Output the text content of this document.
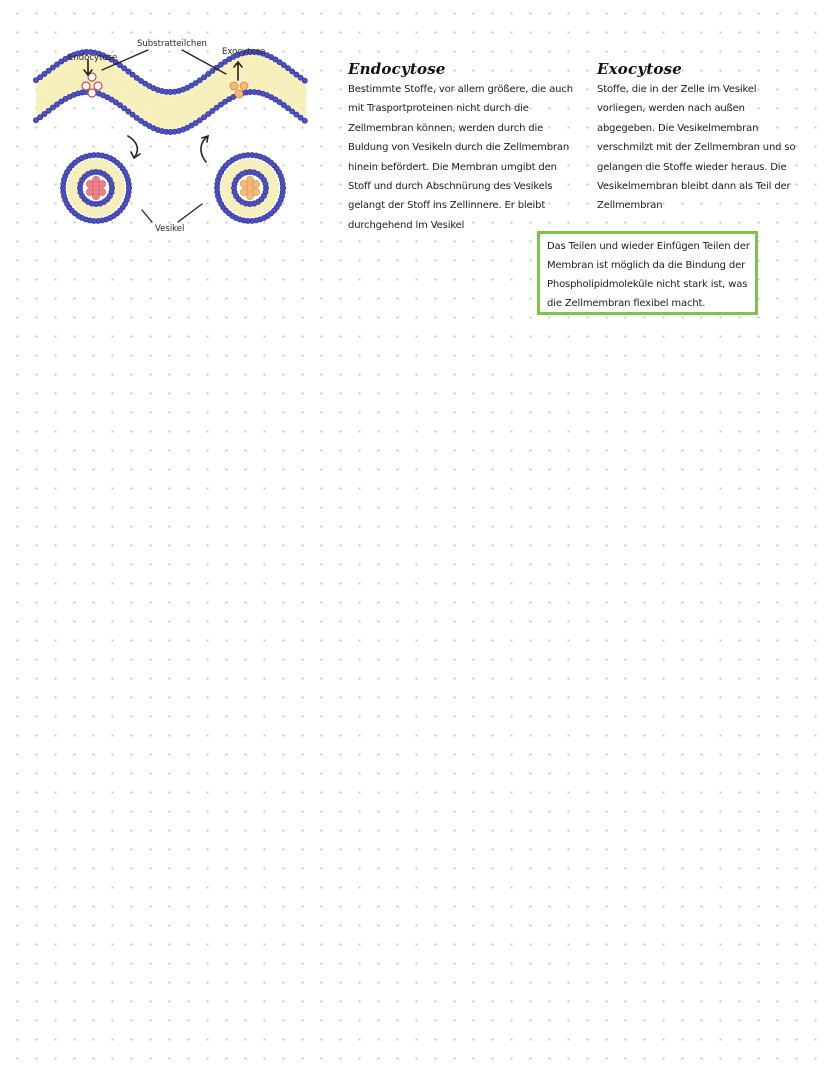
Endocytose
Substratteilchen
Exocytose
Vesikel
Endocytose

Bestimmte Stoffe, vor allem größere, die auch mit Trasportproteinen nicht durch die Zellmembran können, werden durch die Buldung von Vesikeln durch die Zellmembran hinein befördert. Die Membran umgibt den Stoff und durch Abschnürung des Vesikels gelangt der Stoff ins Zellinnere. Er bleibt durchgehend im Vesikel

Exocytose

Stoffe, die in der Zelle im Vesikel vorliegen, werden nach außen abgegeben. Die Vesikelmembran verschmilzt mit der Zellmembran und so gelangen die Stoffe wieder heraus. Die Vesikelmembran bleibt dann als Teil der Zellmembran

Das Teilen und wieder Einfügen Teilen der Membran ist möglich da die Bindung der Phospholipidmoleküle nicht stark ist, was die Zellmembran flexibel macht.
